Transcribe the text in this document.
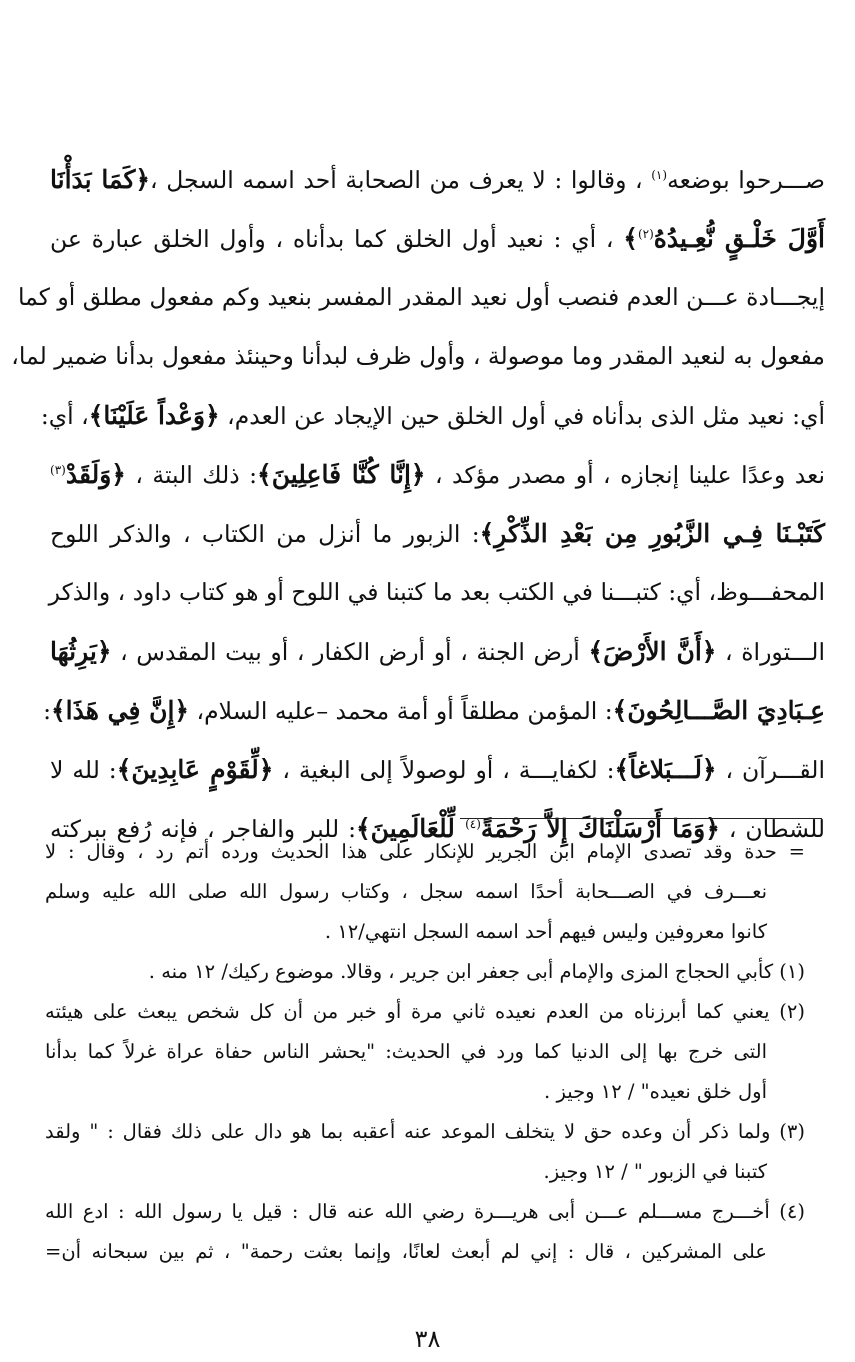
صـــرحوا بوضعه$^{(١)}$ ، وقالوا : لا يعرف من الصحابة أحد اسمه السجل ،﴿كَمَا بَدَأْنَا
أَوَّلَ خَلْـقٍ نُّعِـيدُهُ$^{(٢)}$﴾ ، أي : نعيد أول الخلق كما بدأناه ، وأول الخلق عبارة عن
إيجـــادة عـــن العدم فنصب أول نعيد المقدر المفسر بنعيد وكم مفعول مطلق أو كما
مفعول به لنعيد المقدر وما موصولة ، وأول ظرف لبدأنا وحينئذ مفعول بدأنا ضمير لما،
أي: نعيد مثل الذى بدأناه في أول الخلق حين الإيجاد عن العدم، ﴿وَعْداً عَلَيْنَا﴾، أي:
نعد وعدًا علينا إنجازه ، أو مصدر مؤكد ، ﴿إِنَّا كُنَّا فَاعِلِينَ﴾: ذلك البتة ، ﴿وَلَقَدْ$^{(٣)}$
كَتَبْـنَا فِـي الزَّبُورِ مِن بَعْدِ الذِّكْرِ﴾: الزبور ما أنزل من الكتاب ، والذكر اللوح
المحفـــوظ، أي: كتبـــنا في الكتب بعد ما كتبنا في اللوح أو هو كتاب داود ، والذكر
الـــتوراة ، ﴿أَنَّ الأَرْضَ﴾ أرض الجنة ، أو أرض الكفار ، أو بيت المقدس ، ﴿يَرِثُهَا
عِـبَادِيَ الصَّـــالِحُونَ﴾: المؤمن مطلقاً أو أمة محمد –عليه السلام، ﴿إِنَّ فِي هَذَا﴾:
القـــرآن ، ﴿لَـــبَلاغاً﴾: لكفايـــة ، أو لوصولاً إلى البغية ، ﴿لِّقَوْمٍ عَابِدِينَ﴾: لله لا
للشطان ، ﴿وَمَا أَرْسَلْنَاكَ إِلاَّ رَحْمَةً$^{(٤)}$ لِّلْعَالَمِينَ﴾: للبر والفاجر ، فإنه رُفع ببركته
= حدة وقد تصدى الإمام ابن الجرير للإنكار على هذا الحديث ورده أتم رد ، وقال : لا
نعـــرف في الصـــحابة أحدًا اسمه سجل ، وكتاب رسول الله صلى الله عليه وسلم
كانوا معروفين وليس فيهم أحد اسمه السجل انتهي/١٢ .
(١) كأبي الحجاج المزى والإمام أبى جعفر ابن جرير ، وقالا. موضوع ركيك/ ١٢ منه .
(٢) يعني كما أبرزناه من العدم نعيده ثاني مرة أو خبر من أن كل شخص يبعث على هيئته
التى خرج بها إلى الدنيا كما ورد في الحديث: "يحشر الناس حفاة عراة غرلاً كما بدأنا
أول خلق نعيده" / ١٢ وجيز .
(٣) ولما ذكر أن وعده حق لا يتخلف الموعد عنه أعقبه بما هو دال على ذلك فقال : " ولقد
كتبنا في الزبور " / ١٢ وجيز.
(٤) أخـــرج مســـلم عـــن أبى هريـــرة رضي الله عنه قال : قيل يا رسول الله : ادع الله
على المشركين ، قال : إني لم أبعث لعانًا، وإنما بعثت رحمة" ، ثم بين سبحانه أن=
٣٨
